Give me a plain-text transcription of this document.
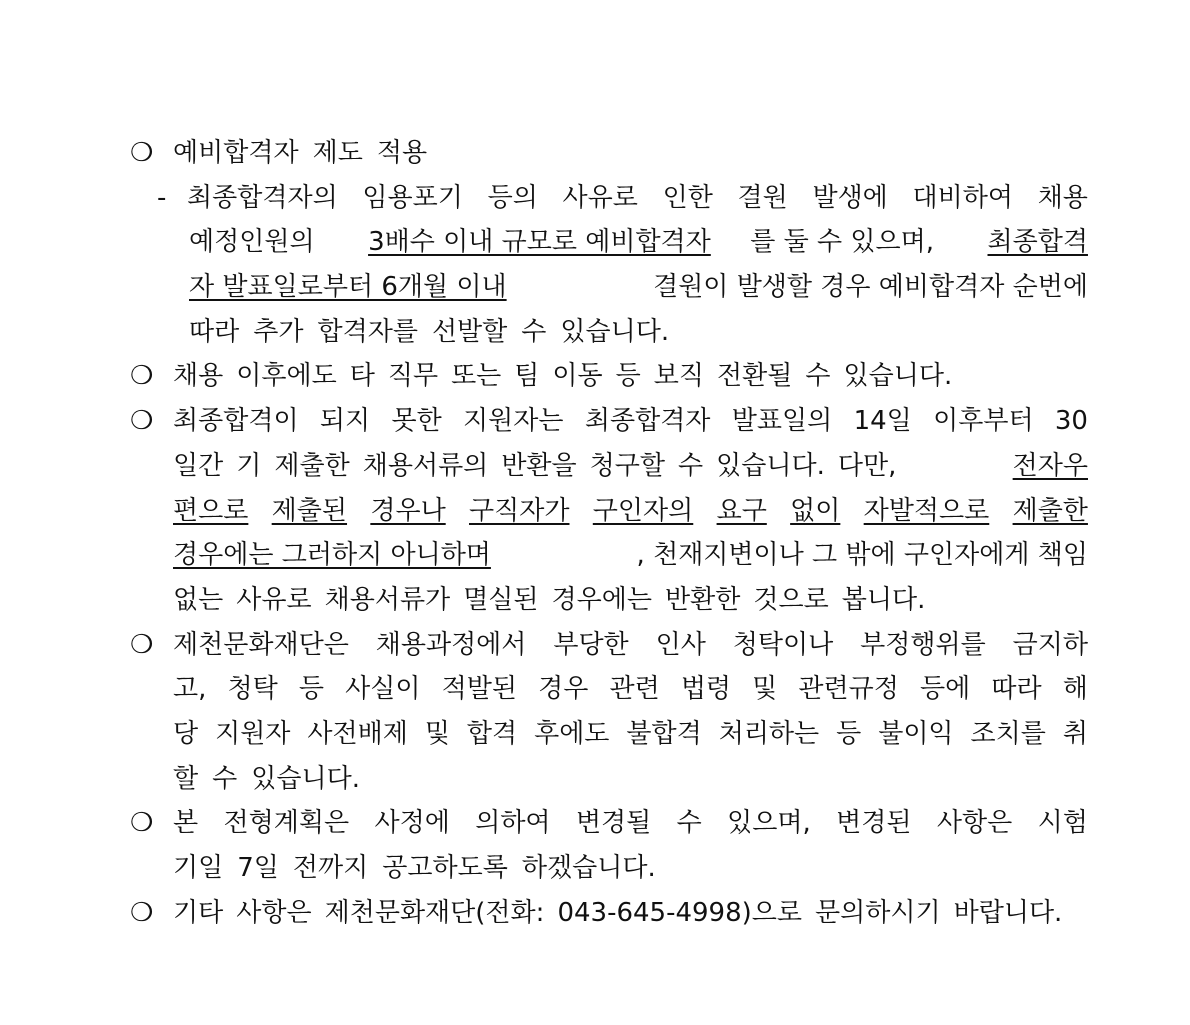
❍ 예비합격자 제도 적용
- 최종합격자의 임용포기 등의 사유로 인한 결원 발생에 대비하여 채용
예정인원의 3배수 이내 규모로 예비합격자 를 둘 수 있으며, 최종합격
자 발표일로부터 6개월 이내	결원이 발생할 경우 예비합격자 순번에
따라 추가 합격자를 선발할 수 있습니다.
❍ 채용 이후에도 타 직무 또는 팀 이동 등 보직 전환될 수 있습니다.
❍ 최종합격이 되지 못한 지원자는 최종합격자 발표일의 14일 이후부터 30
일간 기 제출한 채용서류의 반환을 청구할 수 있습니다. 다만,	전자우
편으로 제출된 경우나 구직자가 구인자의 요구 없이 자발적으로 제출한
경우에는 그러하지 아니하며	, 천재지변이나 그 밖에 구인자에게 책임
없는 사유로 채용서류가 멸실된 경우에는 반환한 것으로 봅니다.
❍ 제천문화재단은 채용과정에서 부당한 인사 청탁이나 부정행위를 금지하
고, 청탁 등 사실이 적발된 경우 관련 법령 및 관련규정 등에 따라 해
당 지원자 사전배제 및 합격 후에도 불합격 처리하는 등 불이익 조치를 취
할 수 있습니다.
❍ 본 전형계획은 사정에 의하여 변경될 수 있으며, 변경된 사항은 시험
기일 7일 전까지 공고하도록 하겠습니다.
❍ 기타 사항은 제천문화재단(전화: 043-645-4998)으로 문의하시기 바랍니다.
